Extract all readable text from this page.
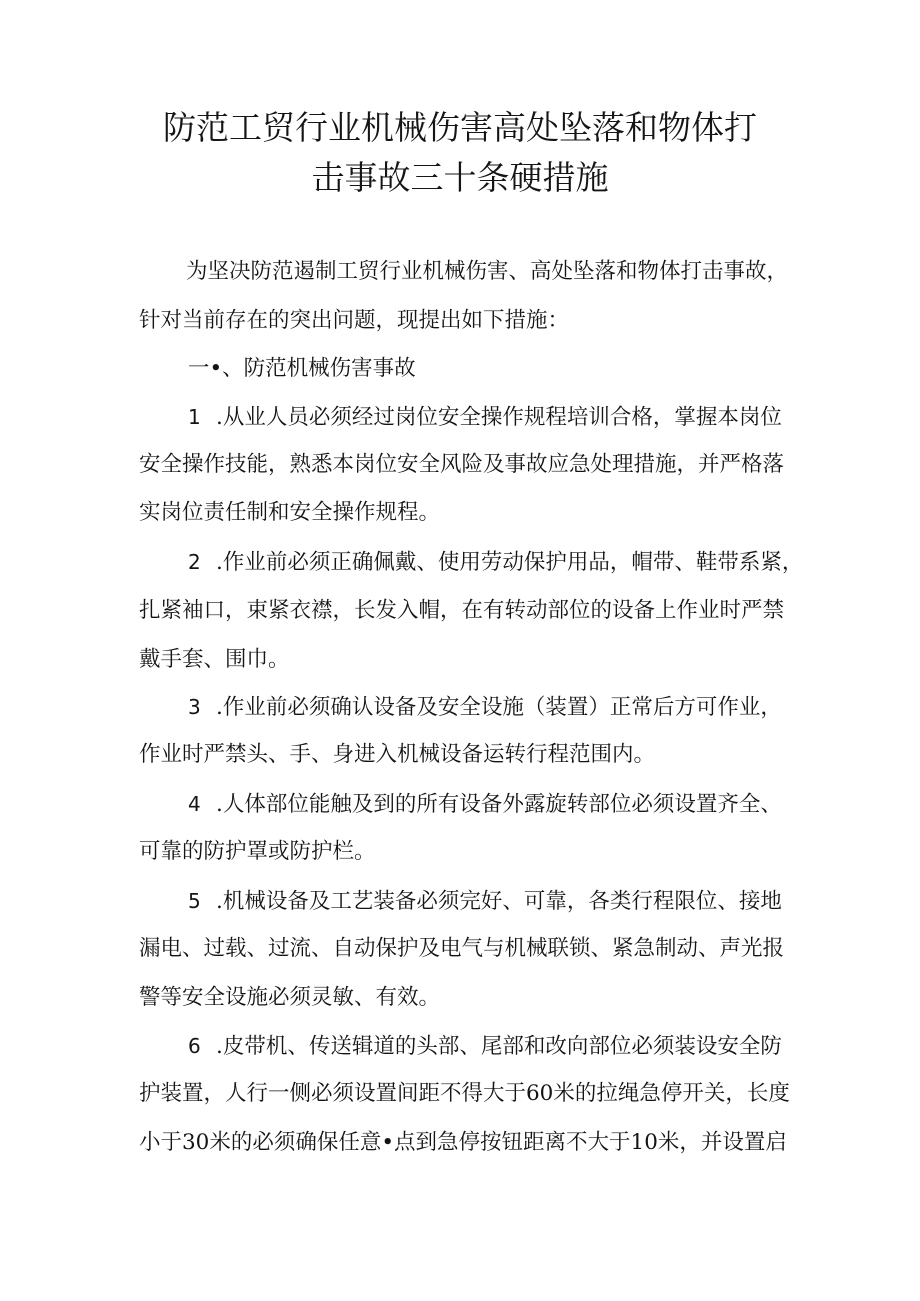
防范工贸行业机械伤害高处坠落和物体打
击事故三十条硬措施
为坚决防范遏制工贸行业机械伤害、高处坠落和物体打击事故，
针对当前存在的突出问题，现提出如下措施：
一•、防范机械伤害事故
1 .从业人员必须经过岗位安全操作规程培训合格，掌握本岗位
安全操作技能，熟悉本岗位安全风险及事故应急处理措施，并严格落
实岗位责任制和安全操作规程。
2 .作业前必须正确佩戴、使用劳动保护用品，帽带、鞋带系紧，
扎紧袖口，束紧衣襟，长发入帽，在有转动部位的设备上作业时严禁
戴手套、围巾。
3 .作业前必须确认设备及安全设施（装置）正常后方可作业，
作业时严禁头、手、身进入机械设备运转行程范围内。
4 .人体部位能触及到的所有设备外露旋转部位必须设置齐全、
可靠的防护罩或防护栏。
5 .机械设备及工艺装备必须完好、可靠，各类行程限位、接地
漏电、过载、过流、自动保护及电气与机械联锁、紧急制动、声光报
警等安全设施必须灵敏、有效。
6 .皮带机、传送辑道的头部、尾部和改向部位必须装设安全防
护装置，人行一侧必须设置间距不得大于60米的拉绳急停开关，长度
小于30米的必须确保任意•点到急停按钮距离不大于10米，并设置启
